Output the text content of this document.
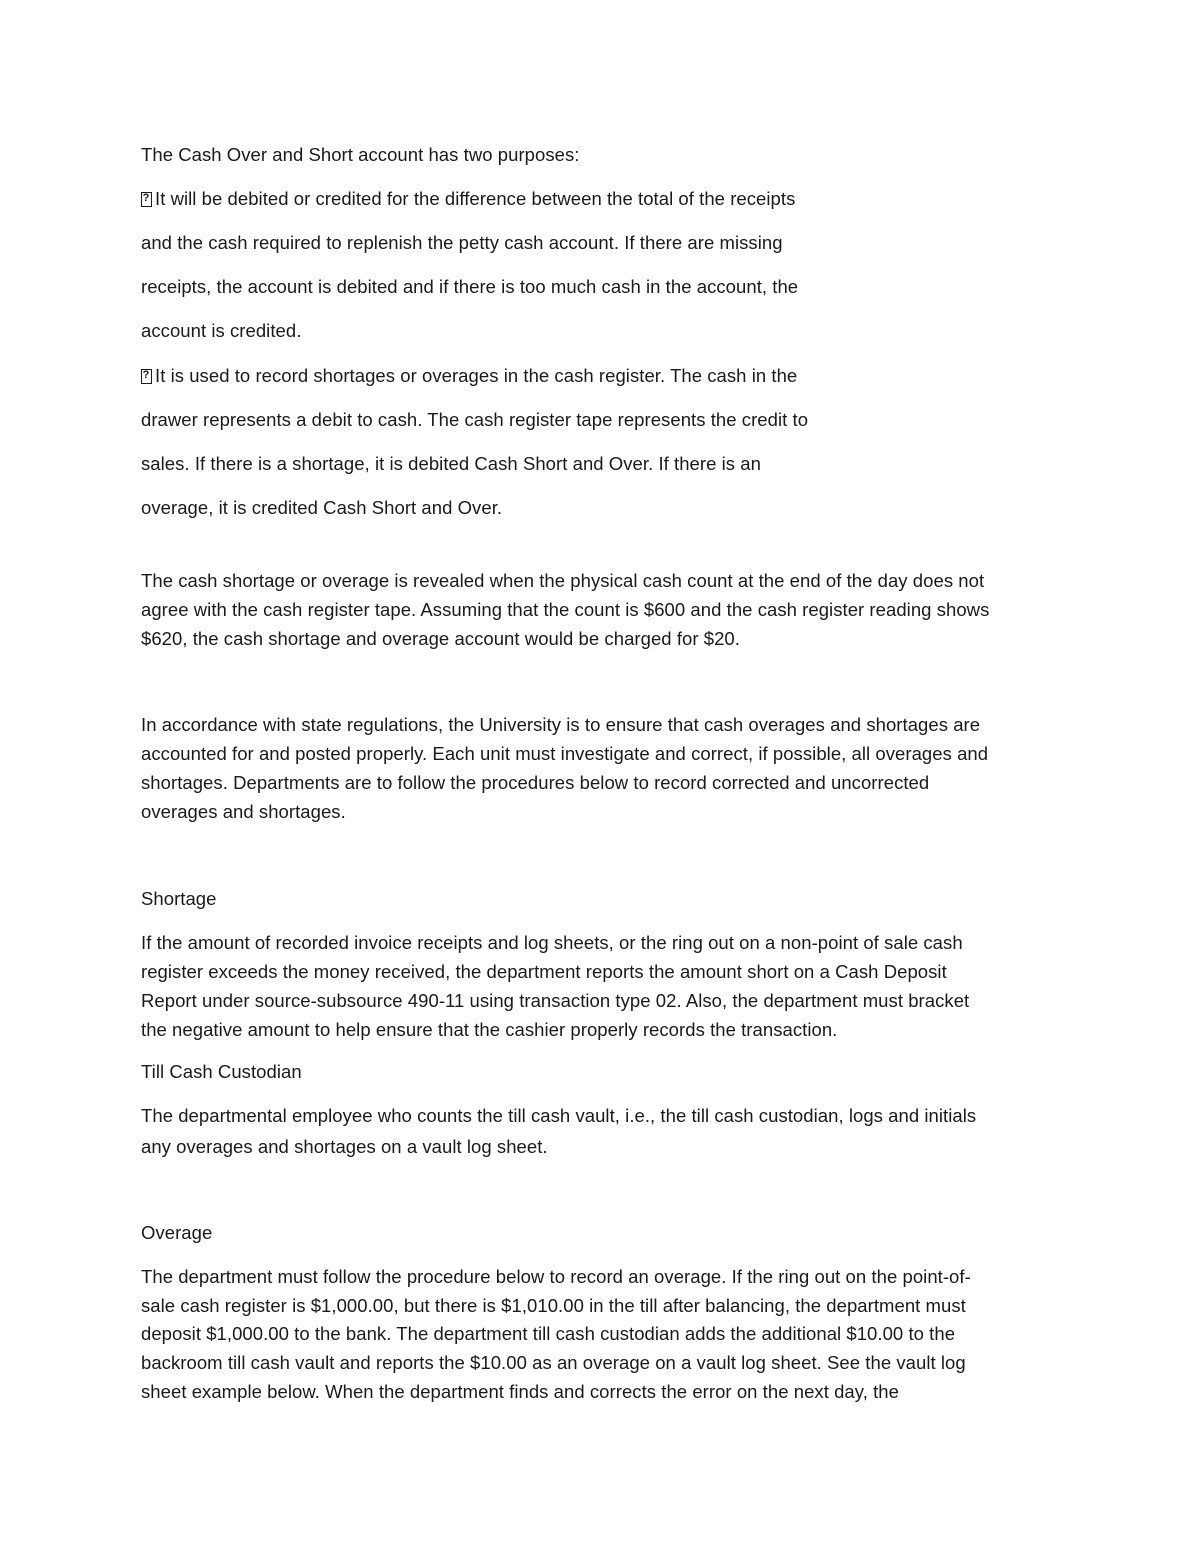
The Cash Over and Short account has two purposes:
?It will be debited or credited for the difference between the total of the receipts
and the cash required to replenish the petty cash account. If there are missing
receipts, the account is debited and if there is too much cash in the account, the
account is credited.
?It is used to record shortages or overages in the cash register. The cash in the
drawer represents a debit to cash. The cash register tape represents the credit to
sales. If there is a shortage, it is debited Cash Short and Over. If there is an
overage, it is credited Cash Short and Over.
The cash shortage or overage is revealed when the physical cash count at the end of the day does not
agree with the cash register tape. Assuming that the count is $600 and the cash register reading shows
$620, the cash shortage and overage account would be charged for $20.
In accordance with state regulations, the University is to ensure that cash overages and shortages are
accounted for and posted properly. Each unit must investigate and correct, if possible, all overages and
shortages. Departments are to follow the procedures below to record corrected and uncorrected
overages and shortages.
Shortage
If the amount of recorded invoice receipts and log sheets, or the ring out on a non-point of sale cash
register exceeds the money received, the department reports the amount short on a Cash Deposit
Report under source-subsource 490-11 using transaction type 02. Also, the department must bracket
the negative amount to help ensure that the cashier properly records the transaction.
Till Cash Custodian
The departmental employee who counts the till cash vault, i.e., the till cash custodian, logs and initials
any overages and shortages on a vault log sheet.
Overage
The department must follow the procedure below to record an overage. If the ring out on the point-of-
sale cash register is $1,000.00, but there is $1,010.00 in the till after balancing, the department must
deposit $1,000.00 to the bank. The department till cash custodian adds the additional $10.00 to the
backroom till cash vault and reports the $10.00 as an overage on a vault log sheet. See the vault log
sheet example below. When the department finds and corrects the error on the next day, the
